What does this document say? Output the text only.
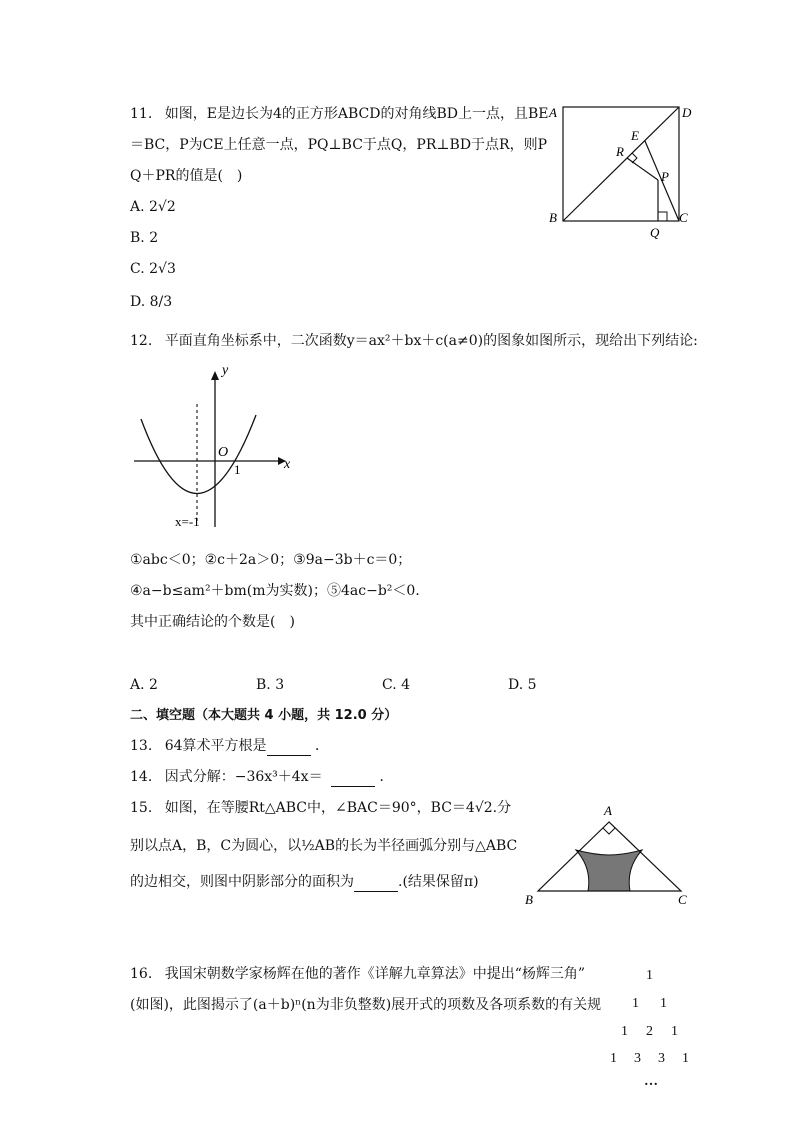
11. 如图，E是边长为4的正方形ABCD的对角线BD上一点，且BE
＝BC，P为CE上任意一点，PQ⊥BC于点Q，PR⊥BD于点R，则P
Q＋PR的值是(　)
A. 2√2
B. 2
C. 2√3
D. 8/3
A	D
B	C
E
R
P
Q
12. 平面直角坐标系中，二次函数y＝ax²＋bx＋c(a≠0)的图象如图所示，现给出下列结论:
y
x
O
1
x=-1
①abc＜0；②c＋2a＞0；③9a−3b＋c＝0；
④a−b≤am²＋bm(m为实数)；⑤4ac−b²＜0.
其中正确结论的个数是(　)
A. 2	B. 3	C. 4	D. 5
二、填空题（本大题共 4 小题，共 12.0 分）
13. 64算术平方根是	．
14. 因式分解：−36x³＋4x＝	．
15. 如图，在等腰Rt△ABC中，∠BAC＝90°，BC＝4√2.分
别以点A，B，C为圆心，以½AB的长为半径画弧分别与△ABC
的边相交，则图中阴影部分的面积为	.(结果保留π)
A
B	C
16. 我国宋朝数学家杨辉在他的著作《详解九章算法》中提出“杨辉三角”
(如图)，此图揭示了(a＋b)ⁿ(n为非负整数)展开式的项数及各项系数的有关规
1
1 1
1 2 1
1 3 3 1
…
